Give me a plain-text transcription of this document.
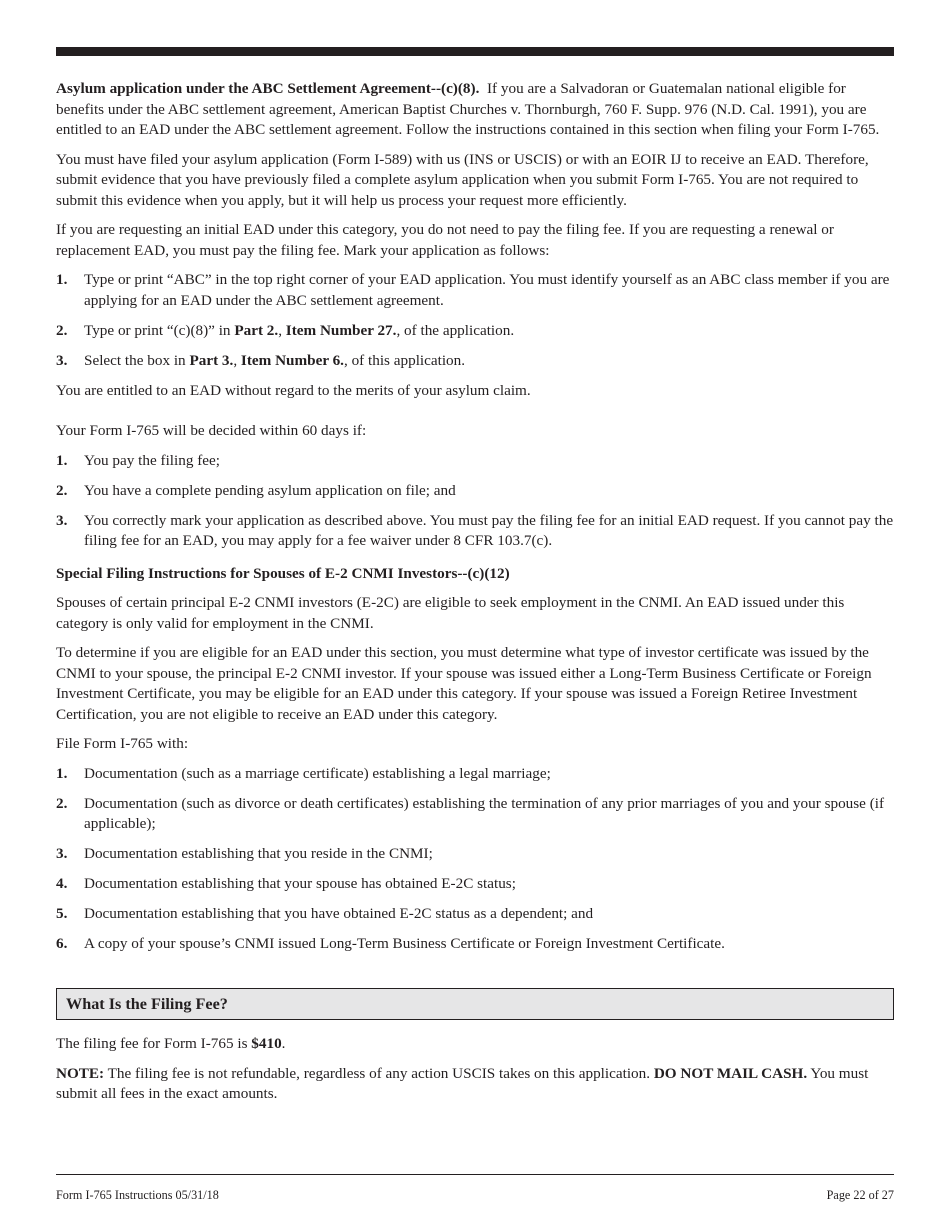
Asylum application under the ABC Settlement Agreement--(c)(8). If you are a Salvadoran or Guatemalan national eligible for benefits under the ABC settlement agreement, American Baptist Churches v. Thornburgh, 760 F. Supp. 976 (N.D. Cal. 1991), you are entitled to an EAD under the ABC settlement agreement. Follow the instructions contained in this section when filing your Form I-765.

You must have filed your asylum application (Form I-589) with us (INS or USCIS) or with an EOIR IJ to receive an EAD. Therefore, submit evidence that you have previously filed a complete asylum application when you submit Form I-765. You are not required to submit this evidence when you apply, but it will help us process your request more efficiently.

If you are requesting an initial EAD under this category, you do not need to pay the filing fee. If you are requesting a renewal or replacement EAD, you must pay the filing fee. Mark your application as follows:

1. Type or print “ABC” in the top right corner of your EAD application. You must identify yourself as an ABC class member if you are applying for an EAD under the ABC settlement agreement.
2. Type or print “(c)(8)” in Part 2., Item Number 27., of the application.
3. Select the box in Part 3., Item Number 6., of this application.

You are entitled to an EAD without regard to the merits of your asylum claim.

Your Form I-765 will be decided within 60 days if:

1. You pay the filing fee;
2. You have a complete pending asylum application on file; and
3. You correctly mark your application as described above. You must pay the filing fee for an initial EAD request. If you cannot pay the filing fee for an EAD, you may apply for a fee waiver under 8 CFR 103.7(c).

Special Filing Instructions for Spouses of E-2 CNMI Investors--(c)(12)

Spouses of certain principal E-2 CNMI investors (E-2C) are eligible to seek employment in the CNMI. An EAD issued under this category is only valid for employment in the CNMI.

To determine if you are eligible for an EAD under this section, you must determine what type of investor certificate was issued by the CNMI to your spouse, the principal E-2 CNMI investor. If your spouse was issued either a Long-Term Business Certificate or Foreign Investment Certificate, you may be eligible for an EAD under this category. If your spouse was issued a Foreign Retiree Investment Certification, you are not eligible to receive an EAD under this category.

File Form I-765 with:

1. Documentation (such as a marriage certificate) establishing a legal marriage;
2. Documentation (such as divorce or death certificates) establishing the termination of any prior marriages of you and your spouse (if applicable);
3. Documentation establishing that you reside in the CNMI;
4. Documentation establishing that your spouse has obtained E-2C status;
5. Documentation establishing that you have obtained E-2C status as a dependent; and
6. A copy of your spouse’s CNMI issued Long-Term Business Certificate or Foreign Investment Certificate.
What Is the Filing Fee?

The filing fee for Form I-765 is $410.

NOTE: The filing fee is not refundable, regardless of any action USCIS takes on this application. DO NOT MAIL CASH. You must submit all fees in the exact amounts.

Form I-765 Instructions 05/31/18	Page 22 of 27
